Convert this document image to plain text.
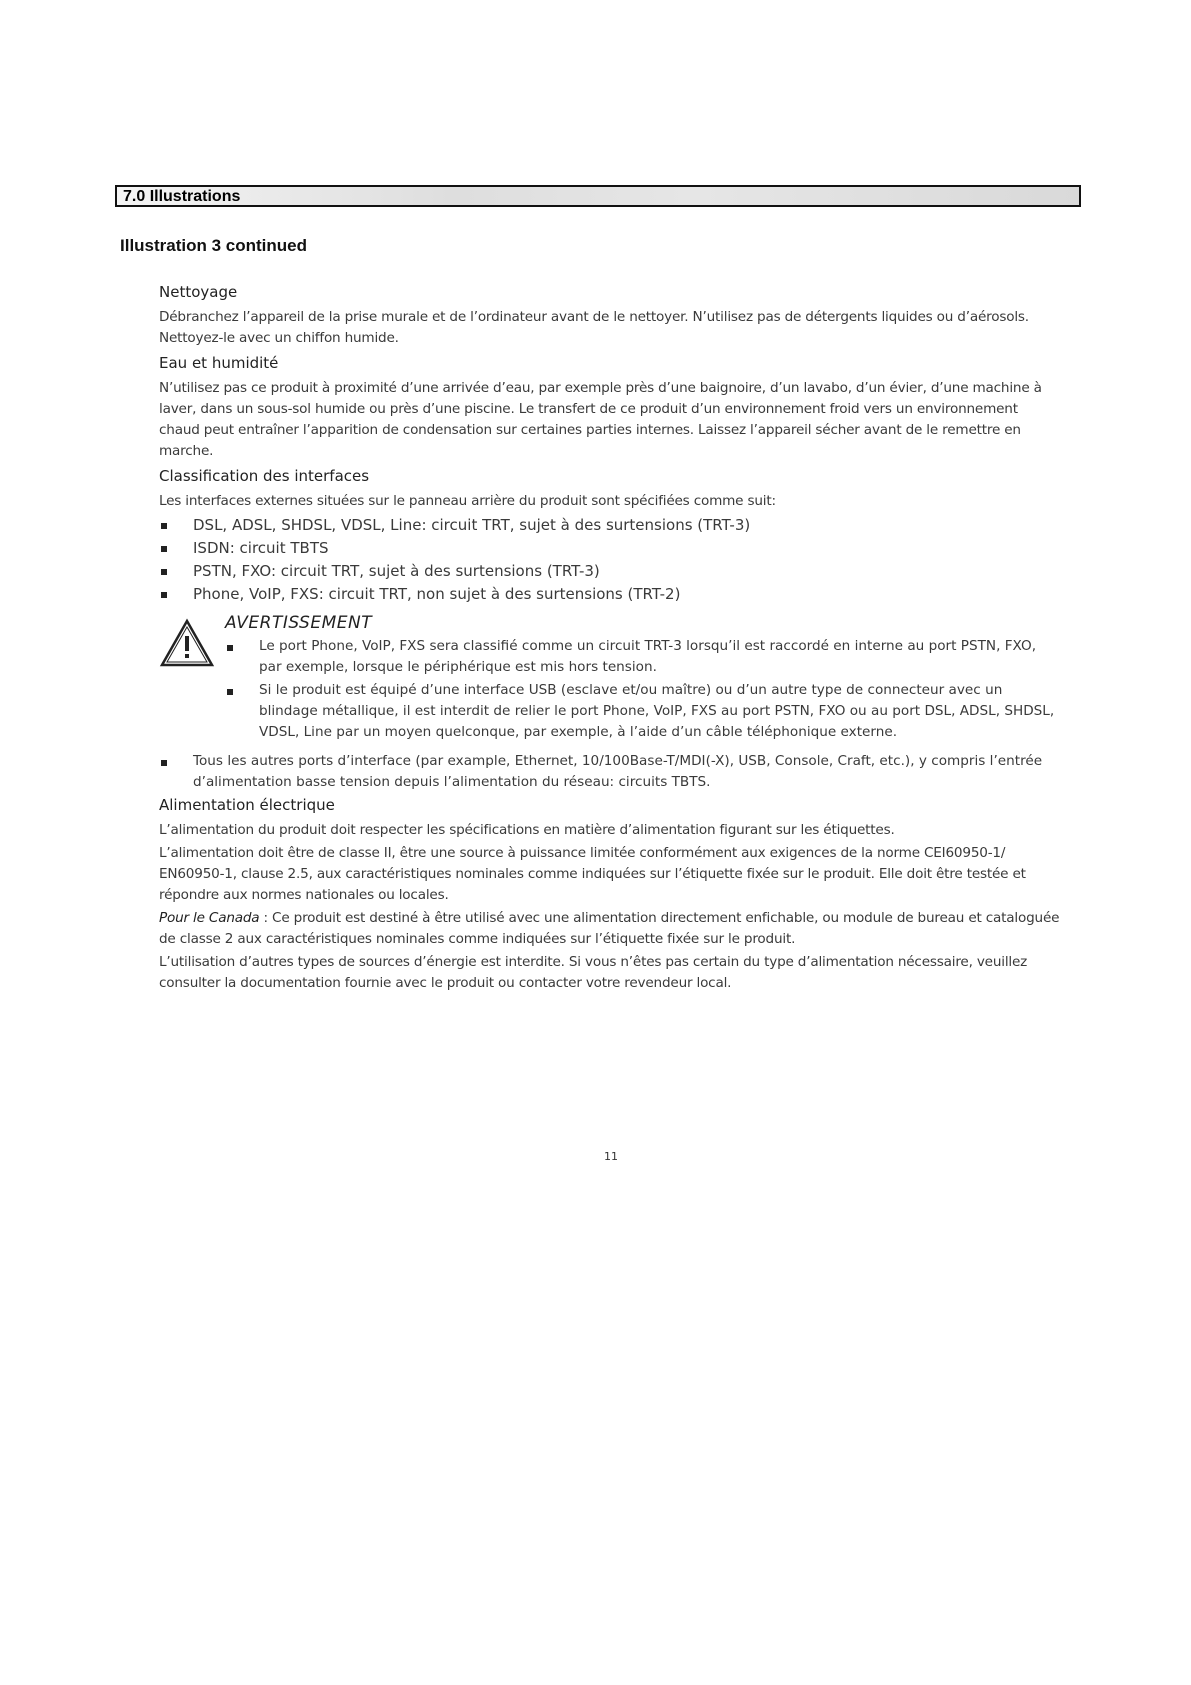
7.0 Illustrations
Illustration 3 continued
Nettoyage

Débranchez l’appareil de la prise murale et de l’ordinateur avant de le nettoyer. N’utilisez pas de détergents liquides ou d’aérosols. Nettoyez-le avec un chiffon humide.

Eau et humidité

N’utilisez pas ce produit à proximité d’une arrivée d’eau, par exemple près d’une baignoire, d’un lavabo, d’un évier, d’une machine à laver, dans un sous-sol humide ou près d’une piscine. Le transfert de ce produit d’un environnement froid vers un environnement chaud peut entraîner l’apparition de condensation sur certaines parties internes. Laissez l’appareil sécher avant de le remettre en marche.

Classification des interfaces

Les interfaces externes situées sur le panneau arrière du produit sont spécifiées comme suit:

DSL, ADSL, SHDSL, VDSL, Line: circuit TRT, sujet à des surtensions (TRT-3)
ISDN: circuit TBTS
PSTN, FXO: circuit TRT, sujet à des surtensions (TRT-3)
Phone, VoIP, FXS: circuit TRT, non sujet à des surtensions (TRT-2)
AVERTISSEMENT
Le port Phone, VoIP, FXS sera classifié comme un circuit TRT-3 lorsqu’il est raccordé en interne au port PSTN, FXO, par exemple, lorsque le périphérique est mis hors tension.
Si le produit est équipé d’une interface USB (esclave et/ou maître) ou d’un autre type de connecteur avec un blindage métallique, il est interdit de relier le port Phone, VoIP, FXS au port PSTN, FXO ou au port DSL, ADSL, SHDSL, VDSL, Line par un moyen quelconque, par exemple, à l’aide d’un câble téléphonique externe.
Tous les autres ports d’interface (par example, Ethernet, 10/100Base-T/MDI(-X), USB, Console, Craft, etc.), y compris l’entrée d’alimentation basse tension depuis l’alimentation du réseau: circuits TBTS.
Alimentation électrique

L’alimentation du produit doit respecter les spécifications en matière d’alimentation figurant sur les étiquettes.

L’alimentation doit être de classe II, être une source à puissance limitée conformément aux exigences de la norme CEI60950-1/ EN60950-1, clause 2.5, aux caractéristiques nominales comme indiquées sur l’étiquette fixée sur le produit. Elle doit être testée et répondre aux normes nationales ou locales.

Pour le Canada : Ce produit est destiné à être utilisé avec une alimentation directement enfichable, ou module de bureau et cataloguée de classe 2 aux caractéristiques nominales comme indiquées sur l’étiquette fixée sur le produit.

L’utilisation d’autres types de sources d’énergie est interdite. Si vous n’êtes pas certain du type d’alimentation nécessaire, veuillez consulter la documentation fournie avec le produit ou contacter votre revendeur local.

11
